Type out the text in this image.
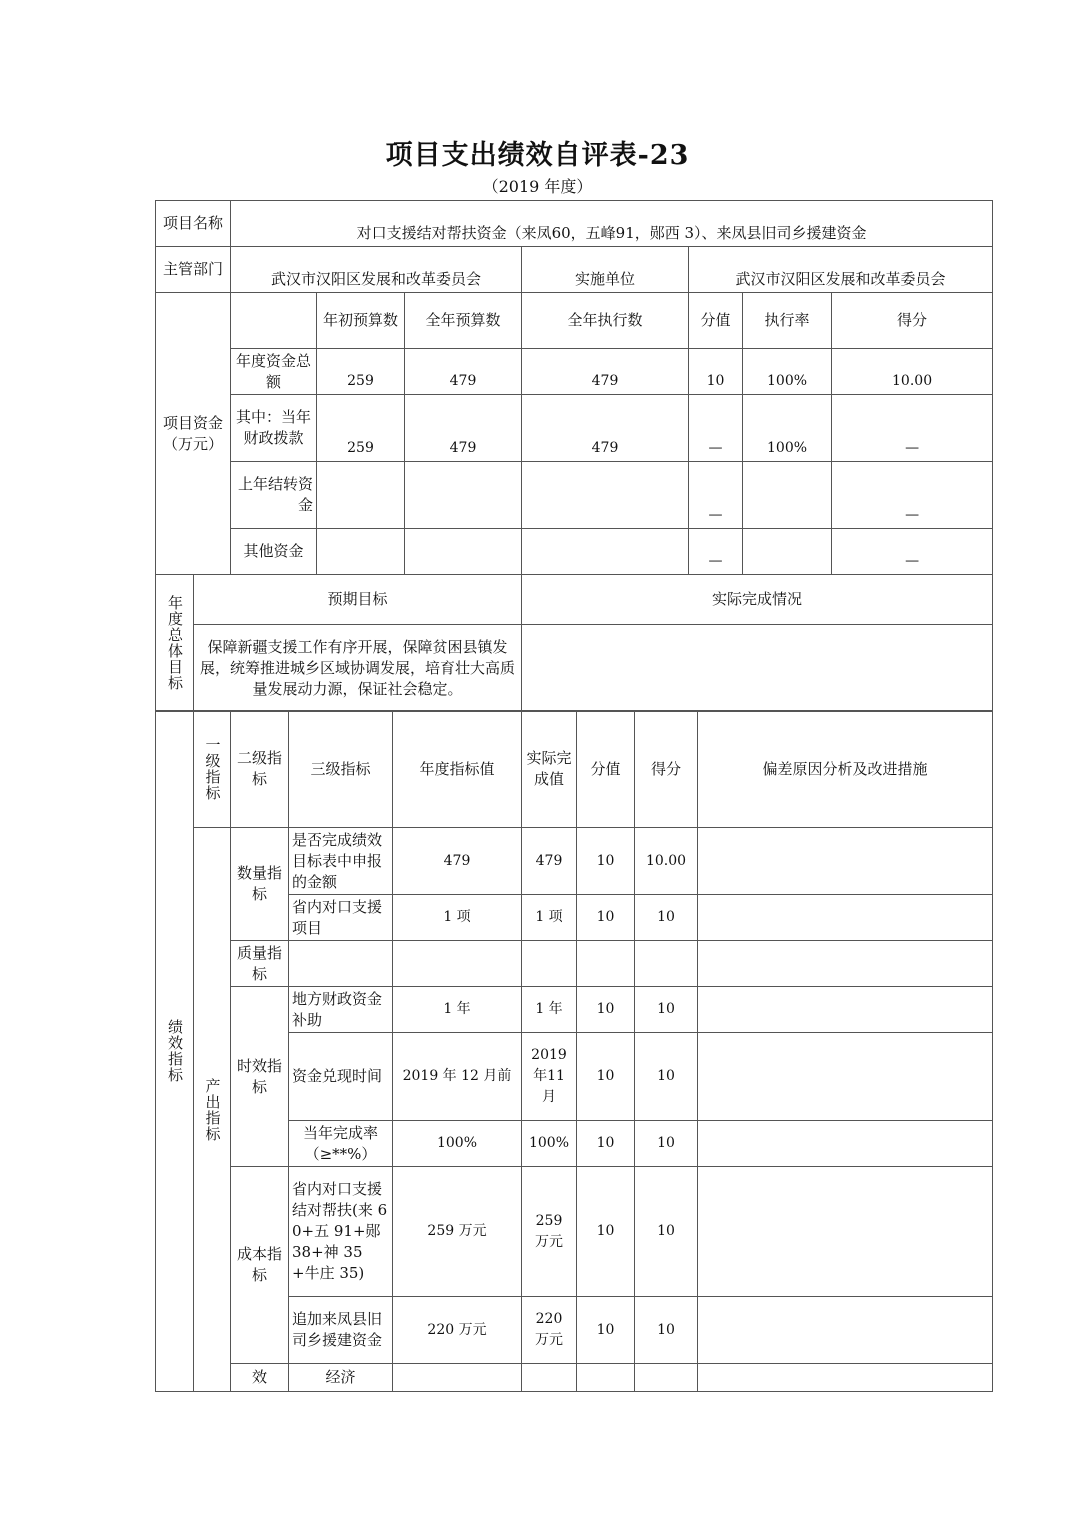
项目支出绩效自评表-23
（2019 年度）
项目名称		对口支援结对帮扶资金（来凤60，五峰91，郧西 3）、来凤县旧司乡援建资金						
主管部门		武汉市汉阳区发展和改革委员会			实施单位	武汉市汉阳区发展和改革委员会		
项目资金（万元）			年初预算数	全年预算数	全年执行数	分值	执行率	得分
		年度资金总额	259	479	479	10	100%	10.00
		其中：当年财政拨款	259	479	479	—	100%	—
		上年结转资金				—		—
		其他资金				—		—
年度总体目标	预期目标				实际完成情况			
	保障新疆支援工作有序开展，保障贫困县镇发展，统筹推进城乡区域协调发展，培育壮大高质量发展动力源，保证社会稳定。							
绩效指标	一级指标	二级指标	三级指标	年度指标值	实际完成值	分值	得分	偏差原因分析及改进措施	
	产出指标	数量指标	是否完成绩效目标表中申报的金额	479	479	10	10.00		
			省内对口支援项目	1 项	1 项	10	10		
		质量指标							
		时效指标	地方财政资金补助	1 年	1 年	10	10		
			资金兑现时间	2019 年 12 月前	2019年11月	10	10		
			当年完成率（≥**%）	100%	100%	10	10		
		成本指标	省内对口支援结对帮扶(来 60+五 91+郧 38+神 35+牛庄 35)	259 万元	259万元	10	10		
			追加来凤县旧司乡援建资金	220 万元	220万元	10	10		
		效	经济						
